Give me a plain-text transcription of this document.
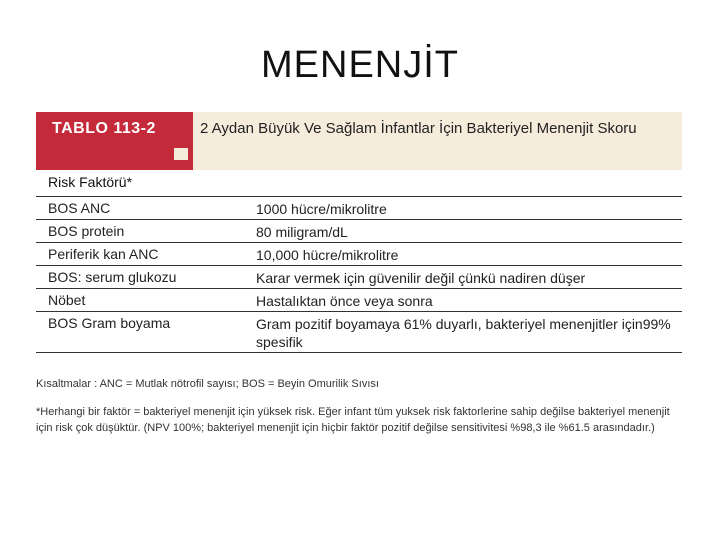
MENENJİT
TABLO 113-2	2 Aydan Büyük Ve Sağlam İnfantlar İçin Bakteriyel Menenjit Skoru
Risk Faktörü*
BOS ANC	1000 hücre/mikrolitre
BOS protein	80 miligram/dL
Periferik kan ANC	10,000 hücre/mikrolitre
BOS: serum glukozu	Karar vermek için güvenilir değil çünkü nadiren düşer
Nöbet	Hastalıktan önce veya sonra
BOS Gram boyama	Gram pozitif boyamaya 61% duyarlı, bakteriyel menenjitler için99% spesifik
Kısaltmalar : ANC = Mutlak nötrofil sayısı; BOS = Beyin Omurilik Sıvısı
*Herhangi bir faktör = bakteriyel menenjit için yüksek risk. Eğer infant tüm yuksek risk faktorlerine sahip değilse bakteriyel menenjit için risk çok düşüktür. (NPV 100%; bakteriyel menenjit için hiçbir faktör pozitif değilse sensitivitesi %98,3 ile %61.5 arasındadır.)
